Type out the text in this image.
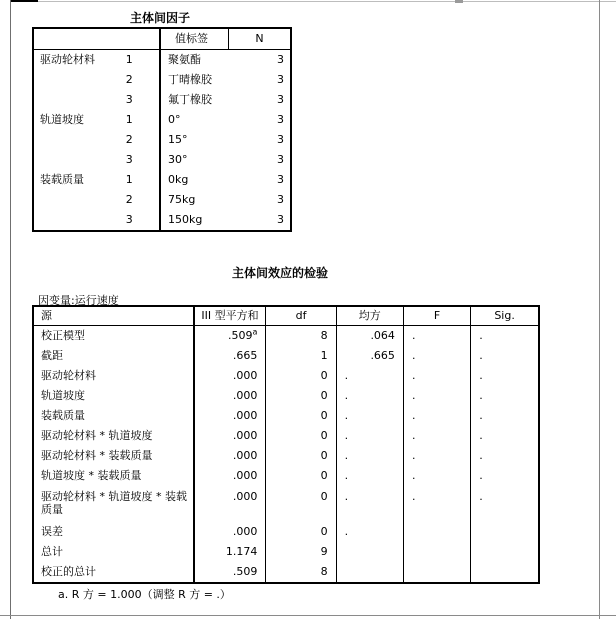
主体间因子
		值标签	N
驱动轮材料	1	聚氨酯	3
	2	丁晴橡胶	3
	3	氟丁橡胶	3
轨道坡度	1	0°	3
	2	15°	3
	3	30°	3
装载质量	1	0kg	3
	2	75kg	3
	3	150kg	3
主体间效应的检验
因变量:运行速度
源	III 型平方和	df	均方	F	Sig.
校正模型	.509$^a$	8	.064	.	.
截距	.665	1	.665	.	.
驱动轮材料	.000	0	.	.	.
轨道坡度	.000	0	.	.	.
装载质量	.000	0	.	.	.
驱动轮材料 * 轨道坡度	.000	0	.	.	.
驱动轮材料 * 装载质量	.000	0	.	.	.
轨道坡度 * 装载质量	.000	0	.	.	.
驱动轮材料 * 轨道坡度 * 装载质量	.000	0	.	.	.
误差	.000	0	.		
总计	1.174	9			
校正的总计	.509	8			
a. R 方 = 1.000（调整 R 方 = .）
